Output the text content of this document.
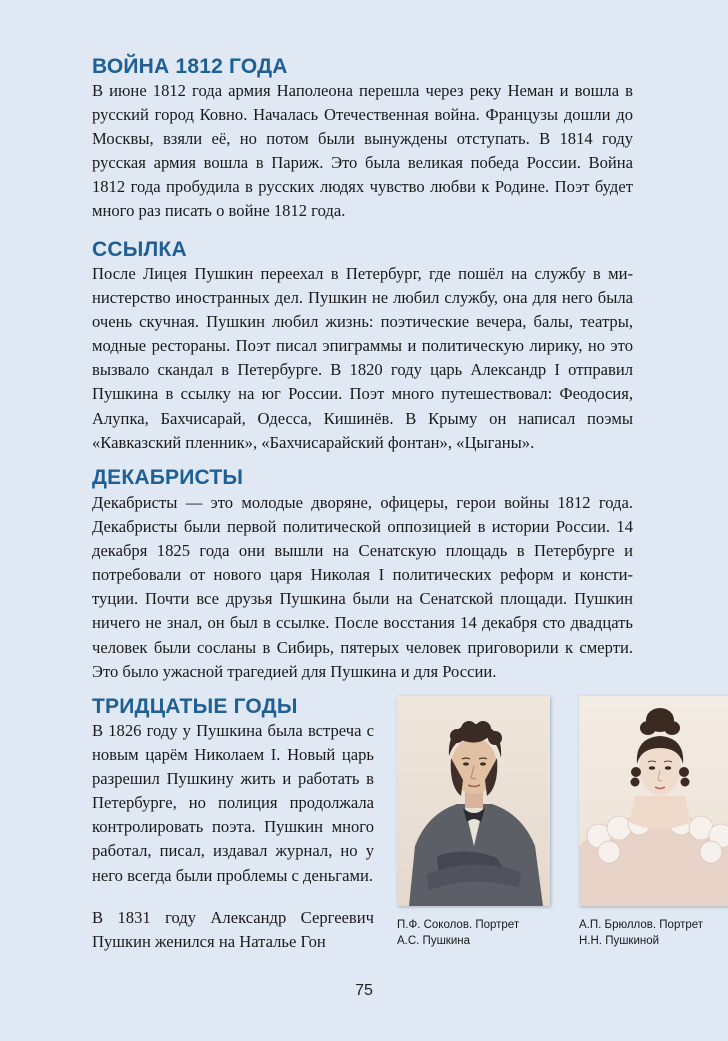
ВОЙНА 1812 ГОДА

В июне 1812 года армия Наполеона перешла через реку Неман и вошла в русский город Ковно. Началась Отечественная война. Французы дошли до Москвы, взяли её, но потом были вынуждены отступать. В 1814 году русская армия вошла в Париж. Это была великая победа России. Война 1812 года пробудила в русских людях чувство любви к Родине. Поэт будет много раз писать о войне 1812 года.

ССЫЛКА

После Лицея Пушкин переехал в Петербург, где пошёл на службу в министерство иностранных дел. Пушкин не любил службу, она для него была очень скучная. Пушкин любил жизнь: поэтические вечера, балы, театры, модные рестораны. Поэт писал эпиграммы и политическую лирику, но это вызвало скандал в Петербурге. В 1820 году царь Александр I отправил Пушкина в ссылку на юг России. Поэт много путешествовал: Феодосия, Алупка, Бахчисарай, Одесса, Кишинёв. В Крыму он написал поэмы «Кавказский пленник», «Бахчисарайский фонтан», «Цыганы».

ДЕКАБРИСТЫ

Декабристы — это молодые дворяне, офицеры, герои войны 1812 года. Декабристы были первой политической оппозицией в истории России. 14 декабря 1825 года они вышли на Сенатскую площадь в Петербурге и потребовали от нового царя Николая I политических реформ и конституции. Почти все друзья Пушкина были на Сенатской площади. Пушкин ничего не знал, он был в ссылке. После восстания 14 декабря сто двадцать человек были сосланы в Сибирь, пятерых человек приговорили к смерти. Это было ужасной трагедией для Пушкина и для России.

ТРИДЦАТЫЕ ГОДЫ

В 1826 году у Пушкина была встреча с новым царём Николаем I. Новый царь разрешил Пушкину жить и работать в Петербурге, но полиция продолжала контролировать поэта. Пушкин много работал, писал, издавал журнал, но у него всегда были проблемы с деньгами.

В 1831 году Александр Сергеевич Пушкин женился на Наталье Гон

П.Ф. Соколов. Портрет
А.С. Пушкина

А.П. Брюллов. Портрет
Н.Н. Пушкиной

75
